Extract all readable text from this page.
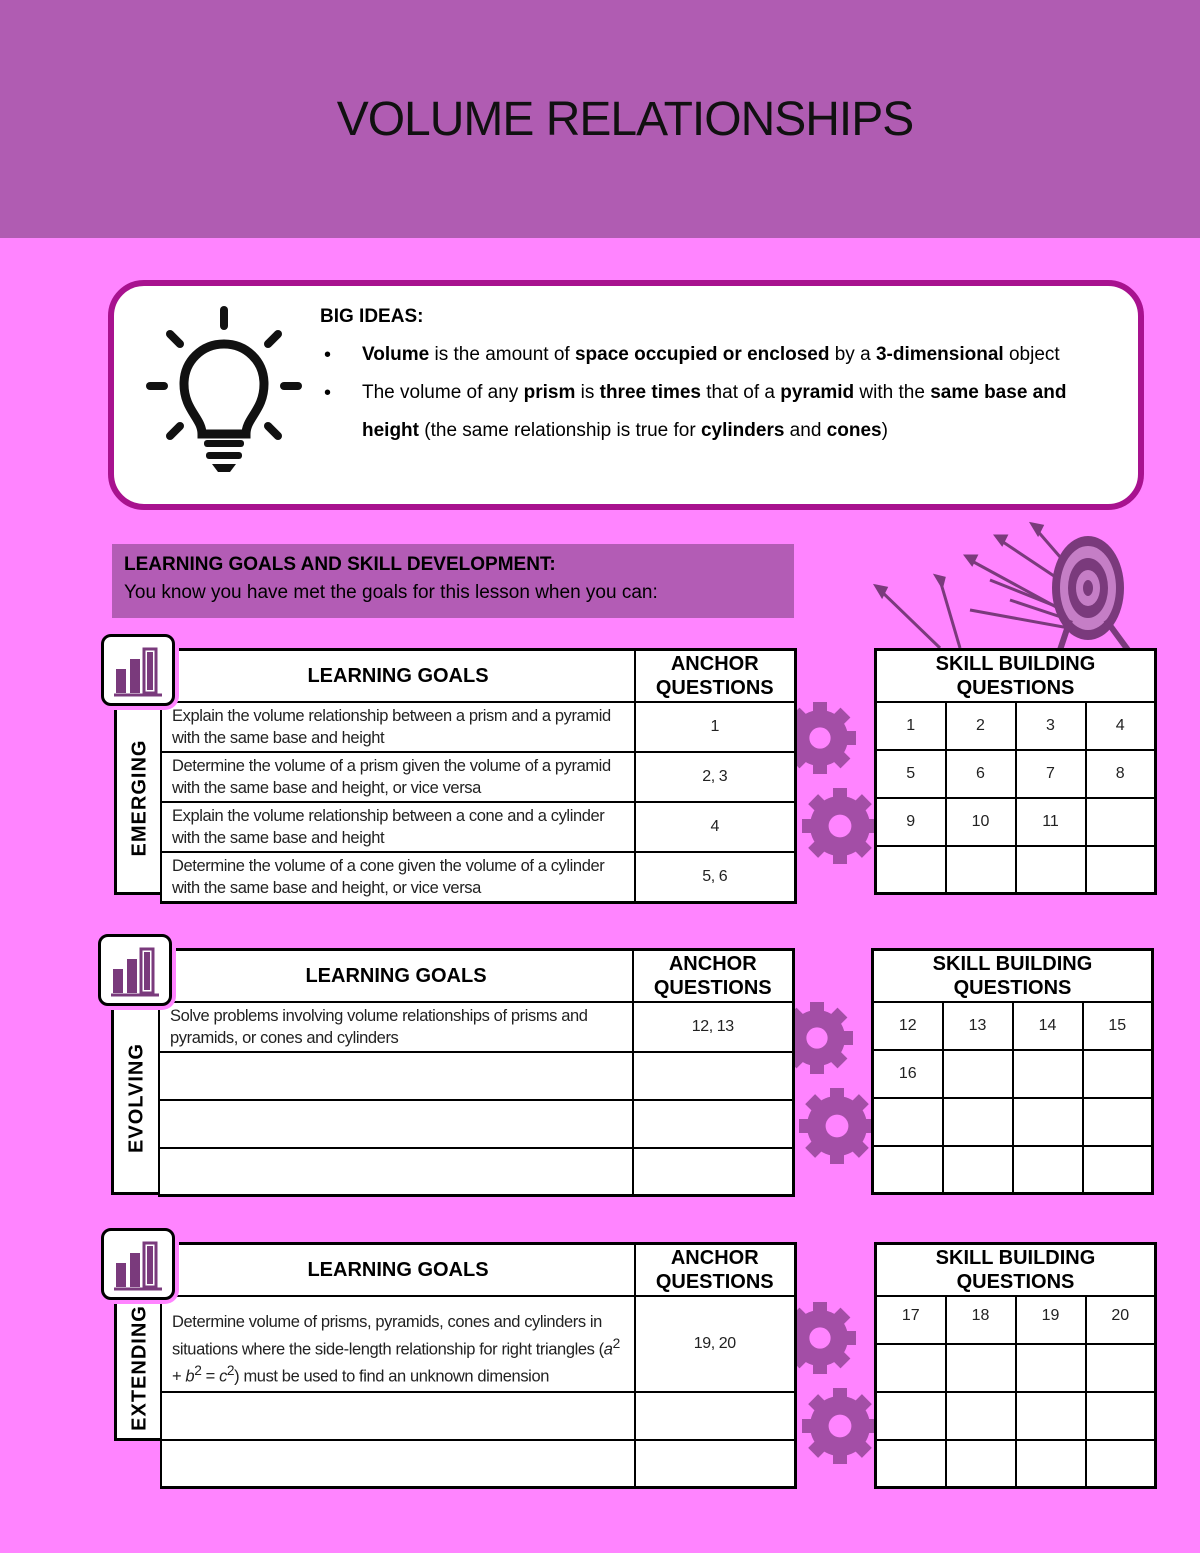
VOLUME RELATIONSHIPS
BIG IDEAS:
• Volume is the amount of space occupied or enclosed by a 3-dimensional object
• The volume of any prism is three times that of a pyramid with the same base and height (the same relationship is true for cylinders and cones)
LEARNING GOALS AND SKILL DEVELOPMENT:
You know you have met the goals for this lesson when you can:
EMERGING
LEARNING GOALS	ANCHOR
QUESTIONS
Explain the volume relationship between a prism and a pyramid with the same base and height	1
Determine the volume of a prism given the volume of a pyramid with the same base and height, or vice versa	2, 3
Explain the volume relationship between a cone and a cylinder with the same base and height	4
Determine the volume of a cone given the volume of a cylinder with the same base and height, or vice versa	5, 6
SKILL BUILDING
QUESTIONS			
1	2	3	4
5	6	7	8
9	10	11	

EVOLVING
LEARNING GOALS	ANCHOR
QUESTIONS
Solve problems involving volume relationships of prisms and pyramids, or cones and cylinders	12, 13

SKILL BUILDING
QUESTIONS			
12	13	14	15
16			

EXTENDING
LEARNING GOALS	ANCHOR
QUESTIONS
Determine volume of prisms, pyramids, cones and cylinders in situations where the side-length relationship for right triangles $(a^2 + b^2 = c^2)$ must be used to find an unknown dimension	19, 20

SKILL BUILDING
QUESTIONS			
17	18	19	20
